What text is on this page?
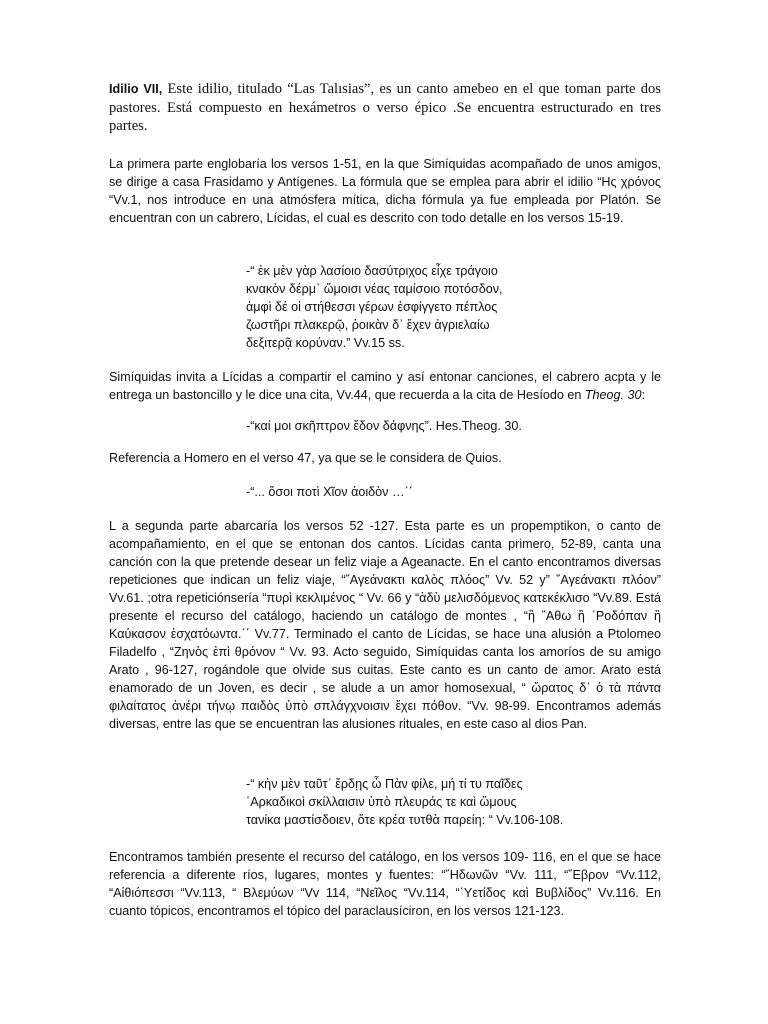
Idilio VII, Este idilio, titulado “Las Talısias”, es un canto amebeo en el que toman parte dos pastores. Está compuesto en hexámetros o verso épico .Se encuentra estructurado en tres partes.
La primera parte englobaría los versos 1-51, en la que Simíquidas acompañado de unos amigos, se dirige a casa Frasidamo y Antígenes. La fórmula que se emplea para abrir el idilio “Ης χρόνος “Vv.1, nos introduce en una atmósfera mítica, dicha fórmula ya fue empleada por Platón. Se encuentran con un cabrero, Lícidas, el cual es descrito con todo detalle en los versos 15-19.
-“ ἐκ μὲν γὰρ λασίοιο δασύτριχος εἶχε τράγοιο
κνακὸν δέρμ᾽ ὤμοισι νέας ταμίσοιο ποτόσδον,
ἀμφὶ δέ οἱ στήθεσσι γέρων ἐσφίγγετο πέπλος
ζωστῆρι πλακερῷ, ῥοικὰν δ᾽ ἔχεν ἀγριελαίω
δεξιτερᾷ κορύναν.” Vv.15 ss.
Simíquidas invita a Lícidas a compartir el camino y así entonar canciones, el cabrero acpta y le entrega un bastoncillo y le dice una cita, Vv.44, que recuerda a la cita de Hesíodo en Theog. 30:
-“καί μοι σκῆπτρον ἔδον δάφνης”. Hes.Theog. 30.
Referencia a Homero en el verso 47, ya que se le considera de Quios.
-“... ὅσοι ποτὶ Χῖον ἀοιδὸν …΄΄
L a segunda parte abarcaría los versos 52 -127. Esta parte es un propemptikon, o canto de acompañamiento, en el que se entonan dos cantos. Lícidas canta primero, 52-89, canta una canción con la que pretende desear un feliz viaje a Ageanacte. En el canto encontramos diversas repeticiones que indican un feliz viaje, “῞Αγεάνακτι καλὸς πλόος” Vv. 52 y” ῞Αγεάνακτι πλόον” Vv.61. ;otra repeticiónsería “πυρὶ κεκλιμένος “ Vv. 66 y “ἁδὺ μελισδόμενος κατεκέκλισο “Vv.89. Está presente el recurso del catálogo, haciendo un catálogo de montes , “ἢ ῞Αθω ἢ ῾Ροδόπαν ἢ Καύκασον ἐσχατόωντα.΄΄ Vv.77. Terminado el canto de Lícidas, se hace una alusión a Ptolomeo Filadelfo , “Ζηνὸς ἐπὶ θρόνον “ Vv. 93. Acto seguido, Simíquidas canta los amoríos de su amigo Arato , 96-127, rogándole que olvide sus cuitas. Este canto es un canto de amor. Arato está enamorado de un Joven, es decir , se alude a un amor homosexual, “ ὤρατος δ᾽ ὁ τὰ πάντα φιλαίτατος ἀνέρι τήνῳ παιδὸς ὑπὸ σπλάγχνοισιν ἔχει πόθον. “Vv. 98-99. Encontramos además diversas, entre las que se encuentran las alusiones rituales, en este caso al dios Pan.
-“ κἠν μὲν ταῦτ᾽ ἔρδῃς ὦ Πὰν φίλε, μή τί τυ παῖδες
῾Αρκαδικοὶ σκίλλαισιν ὑπὸ πλευράς τε καὶ ὤμους
τανίκα μαστίσδοιεν, ὅτε κρέα τυτθὰ παρείη: “ Vv.106-108.
Encontramos también presente el recurso del catálogo, en los versos 109- 116, en el que se hace referencia a diferente ríos, lugares, montes y fuentes: “῞Ηδωνῶν “Vv. 111, “῞Εβρον “Vv.112, “Αἰθιόπεσσι “Vv.113, “ Βλεμύων “Vv 114, “Νεῖλος “Vv.114, “῾Υετίδος καὶ Βυβλίδος” Vv.116. En cuanto tópicos, encontramos el tópico del paraclausíciron, en los versos 121-123.
